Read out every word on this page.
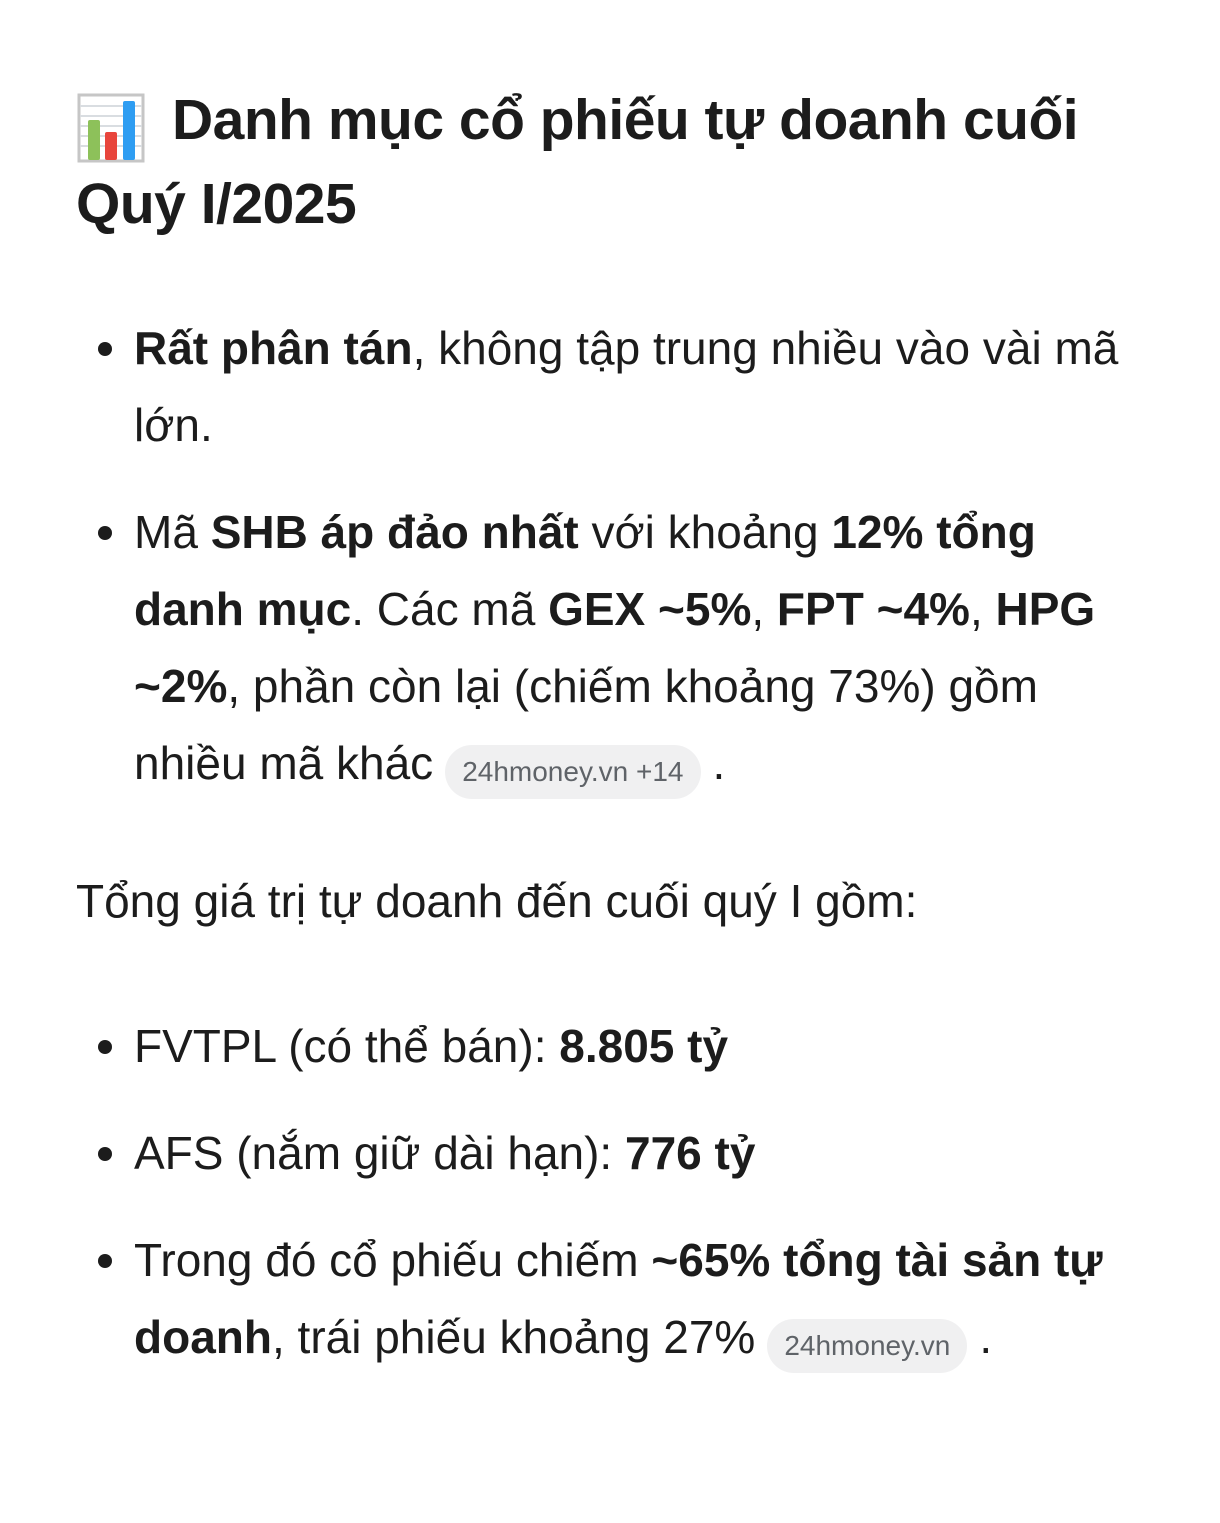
Danh mục cổ phiếu tự doanh cuối Quý I/2025
Rất phân tán, không tập trung nhiều vào vài mã lớn.
Mã SHB áp đảo nhất với khoảng 12% tổng danh mục. Các mã GEX ~5%, FPT ~4%, HPG ~2%, phần còn lại (chiếm khoảng 73%) gồm nhiều mã khác 24hmoney.vn +14 .

Tổng giá trị tự doanh đến cuối quý I gồm:

FVTPL (có thể bán): 8.805 tỷ
AFS (nắm giữ dài hạn): 776 tỷ
Trong đó cổ phiếu chiếm ~65% tổng tài sản tự doanh, trái phiếu khoảng 27% 24hmoney.vn .
